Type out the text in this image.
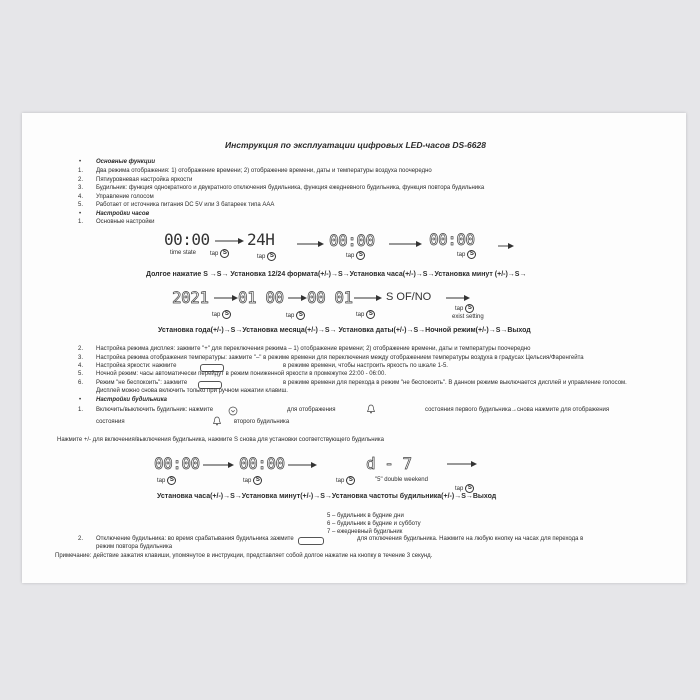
Инструкция по эксплуатации цифровых LED-часов DS-6628
• Основные функции
1. Два режима отображения: 1) отображение времени; 2) отображение времени, даты и температуры воздуха поочередно
2. Пятиуровневая настройка яркости
3. Будильник: функция однократного и двукратного отключения будильника, функция ежедневного будильника, функция повтора будильника
4. Управление голосом
5. Работает от источника питания DC 5V или 3 батареек типа AAA
• Настройки часов
1. Основные настройки
00:00 24H	00:00	00:00
time state tap S
tap S	tap S	tap S
Долгое нажатие S →S→ Установка 12/24 формата(+/-)→S→Установка часа(+/-)→S→Установка минут (+/-)→S→
2021 01 00 00 01	S OF/NO
tap S	tap S	tap S
tap S
exist setting
Установка года(+/-)→S→Установка месяца(+/-)→S→ Установка даты(+/-)→S→Ночной режим(+/-)→S→Выход
2. Настройка режима дисплея: зажмите "+" для переключения режима – 1) отображение времени; 2) отображение времени, даты и температуры поочередно
3. Настройка режима отображения температуры: зажмите "–" в режиме времени для переключения между отображением температуры воздуха в градусах Цельсия/Фаренгейта
4. Настройка яркости: нажмите	в режиме времени, чтобы настроить яркость по шкале 1-5.
5. Ночной режим: часы автоматически перейдут в режим пониженной яркости в промежутке 22:00 - 06:00.
6. Режим "не беспокоить": зажмите	в режиме времени для перехода в режим "не беспокоить". В данном режиме выключается дисплей и управление голосом.
Дисплей можно снова включить только при ручном нажатии клавиш.
• Настройки будильника
1. Включить/выключить будильник: нажмите	для отображения	состояния первого будильника→снова нажмите для отображения
состояния	второго будильника
Нажмите +/- для включения/выключения будильника, нажмите S снова для установки соответствующего будильника
00:00 00:00	d - 7
tap S	tap S	tap S	"5" double weekend
tap S
Установка часа(+/-)→S→Установка минут(+/-)→S→Установка частоты будильника(+/-)→S→Выход
5 – будильник в будние дни
6 – будильник в будние и субботу
7 – ежедневный будильник
2. Отключение будильника: во время срабатывания будильника зажмите	для отключения будильника. Нажмите на любую кнопку на часах для перехода в
режим повтора будильника
Примечание: действие зажатия клавиши, упомянутое в инструкции, представляет собой долгое нажатие на кнопку в течение 3 секунд.
